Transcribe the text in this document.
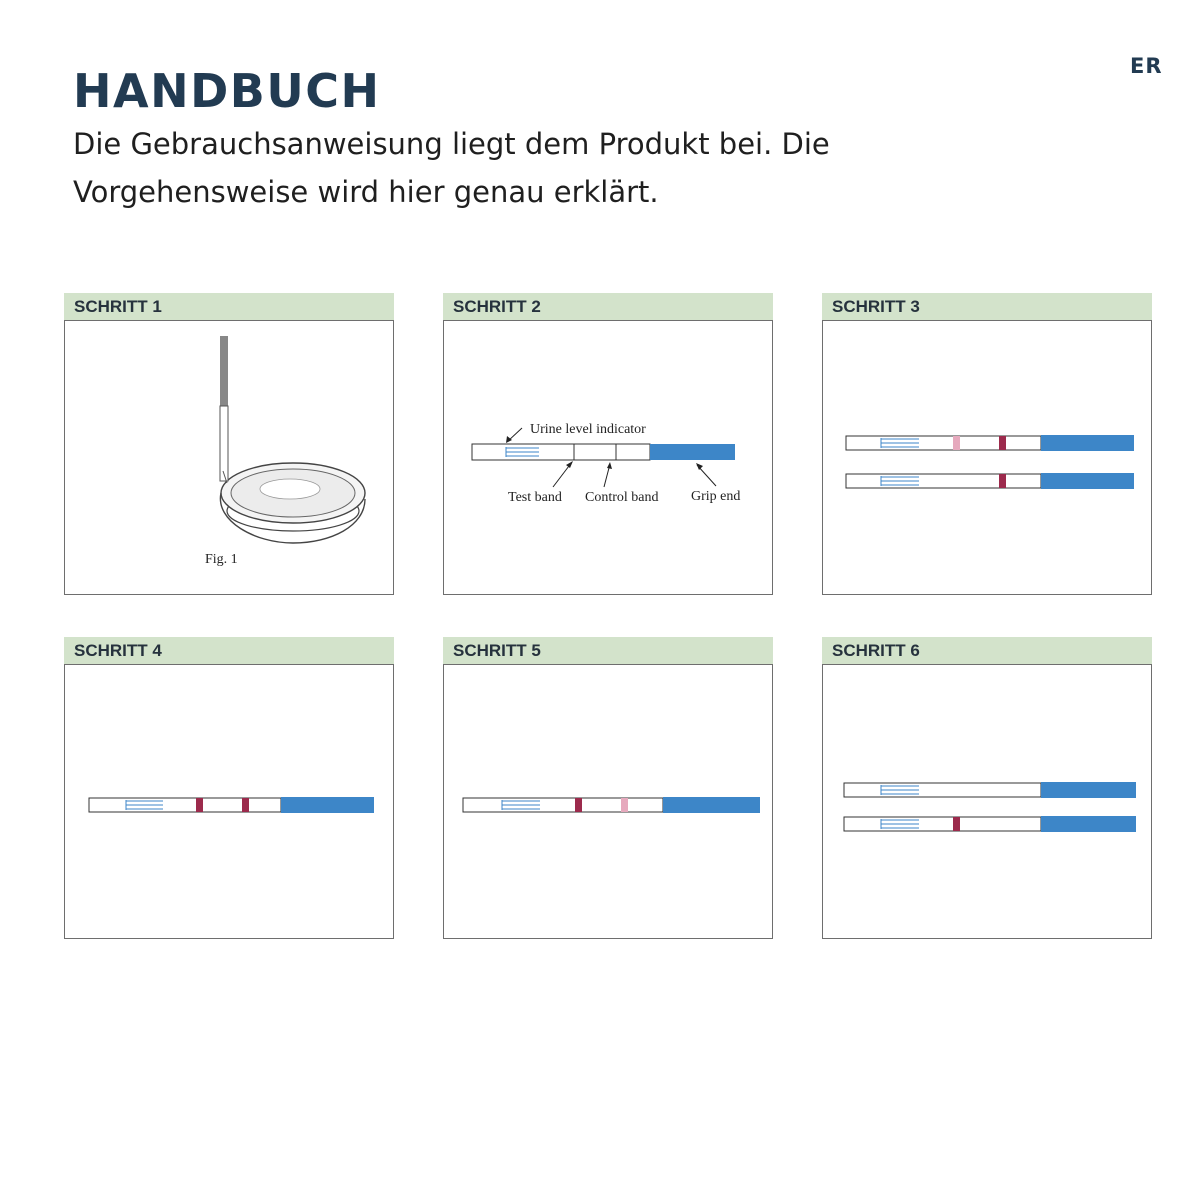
ER
HANDBUCH

Die Gebrauchsanweisung liegt dem Produkt bei. Die Vorgehensweise wird hier genau erklärt.

SCHRITT 1
Fig. 1
SCHRITT 2
Urine level indicator
Test band Control band Grip end
SCHRITT 3
SCHRITT 4	SCHRITT 5	SCHRITT 6
